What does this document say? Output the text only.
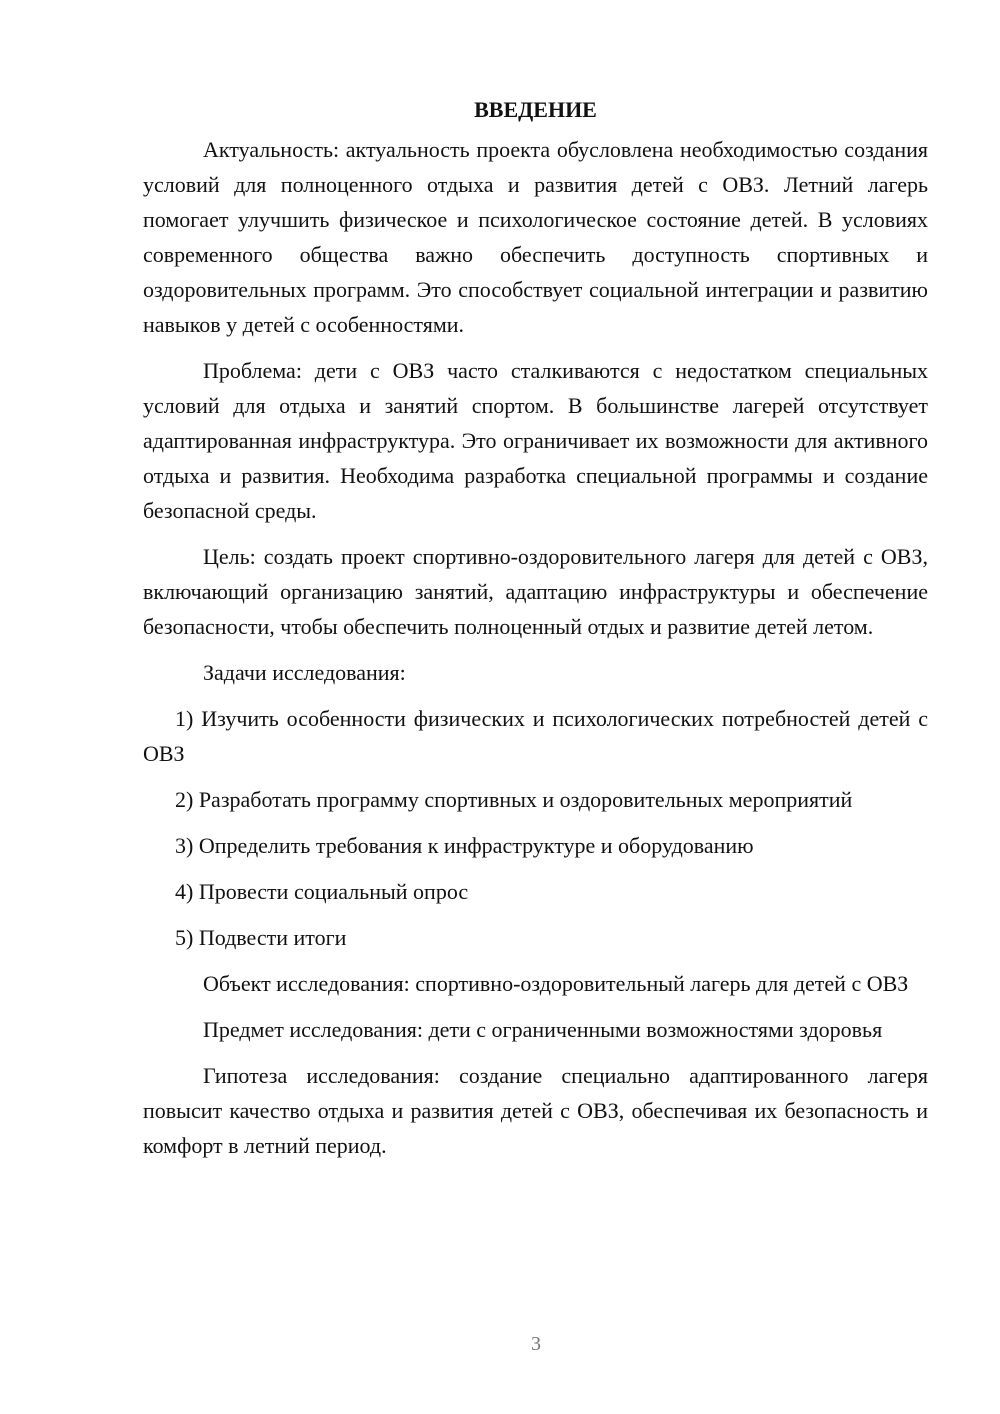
ВВЕДЕНИЕ

Актуальность: актуальность проекта обусловлена необходимостью создания условий для полноценного отдыха и развития детей с ОВЗ. Летний лагерь помогает улучшить физическое и психологическое состояние детей. В условиях современного общества важно обеспечить доступность спортивных и оздоровительных программ. Это способствует социальной интеграции и развитию навыков у детей с особенностями.

Проблема: дети с ОВЗ часто сталкиваются с недостатком специальных условий для отдыха и занятий спортом. В большинстве лагерей отсутствует адаптированная инфраструктура. Это ограничивает их возможности для активного отдыха и развития. Необходима разработка специальной программы и создание безопасной среды.

Цель: создать проект спортивно-оздоровительного лагеря для детей с ОВЗ, включающий организацию занятий, адаптацию инфраструктуры и обеспечение безопасности, чтобы обеспечить полноценный отдых и развитие детей летом.

Задачи исследования:

1) Изучить особенности физических и психологических потребностей детей с ОВЗ

2) Разработать программу спортивных и оздоровительных мероприятий

3) Определить требования к инфраструктуре и оборудованию

4) Провести социальный опрос

5) Подвести итоги

Объект исследования: спортивно-оздоровительный лагерь для детей с ОВЗ

Предмет исследования: дети с ограниченными возможностями здоровья

Гипотеза исследования: создание специально адаптированного лагеря повысит качество отдыха и развития детей с ОВЗ, обеспечивая их безопасность и комфорт в летний период.

3
